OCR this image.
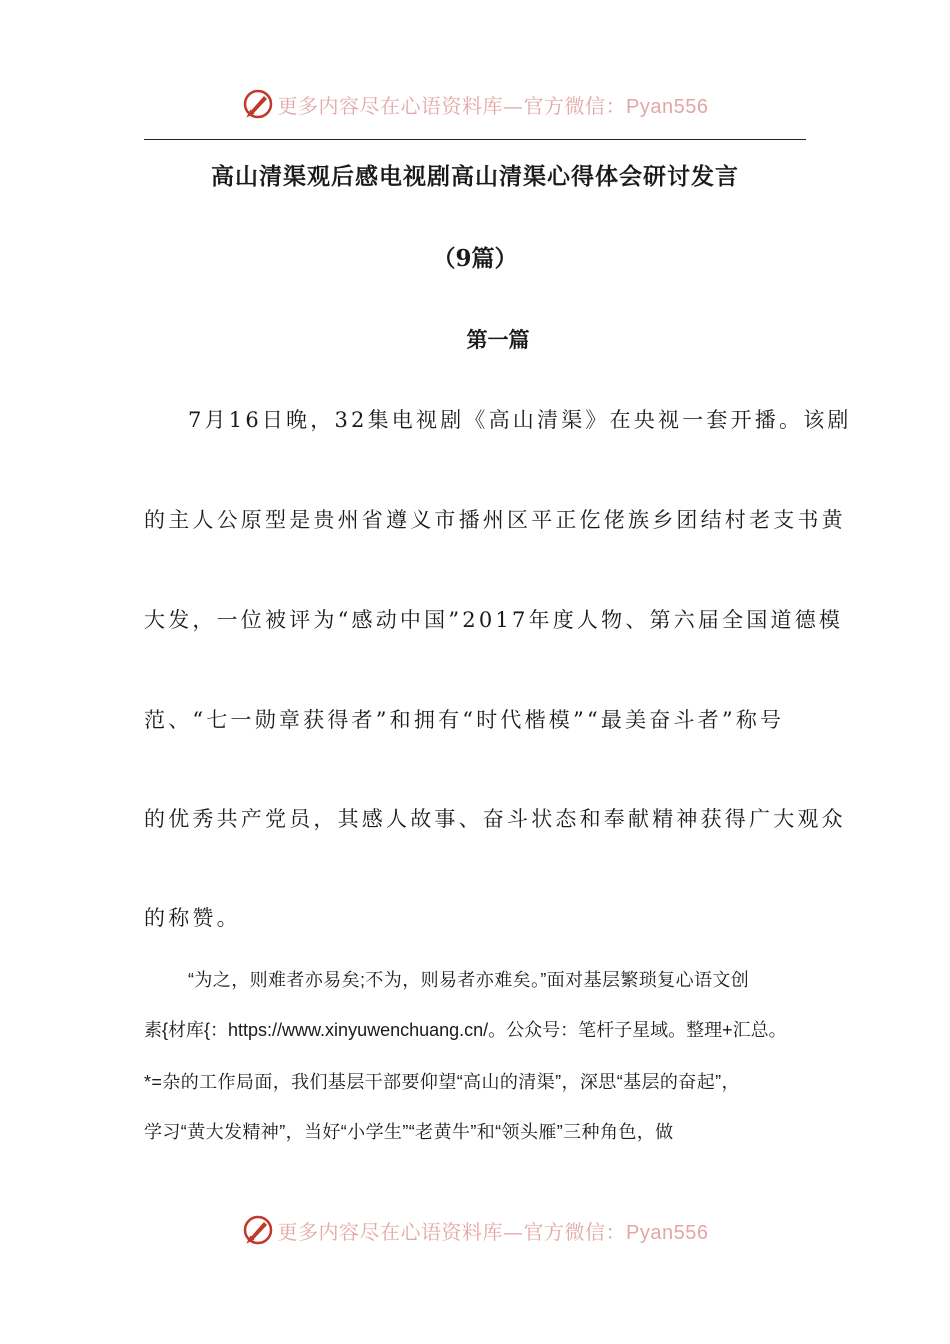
更多内容尽在心语资料库—官方微信：Pyan556
高山清渠观后感电视剧高山清渠心得体会研讨发言
（9篇）
第一篇
7月16日晚，32集电视剧《高山清渠》在央视一套开播。该剧
的主人公原型是贵州省遵义市播州区平正仡佬族乡团结村老支书黄
大发，一位被评为“感动中国”2017年度人物、第六届全国道德模
范、“七一勋章获得者”和拥有“时代楷模”“最美奋斗者”称号
的优秀共产党员，其感人故事、奋斗状态和奉献精神获得广大观众
的称赞。
“为之，则难者亦易矣;不为，则易者亦难矣。”面对基层繁琐复心语文创
素{材库{：https://www.xinyuwenchuang.cn/。公众号：笔杆子星域。整理+汇总。
*=杂的工作局面，我们基层干部要仰望“高山的清渠”，深思“基层的奋起”，
学习“黄大发精神”，当好“小学生”“老黄牛”和“领头雁”三种角色，做
更多内容尽在心语资料库—官方微信：Pyan556
